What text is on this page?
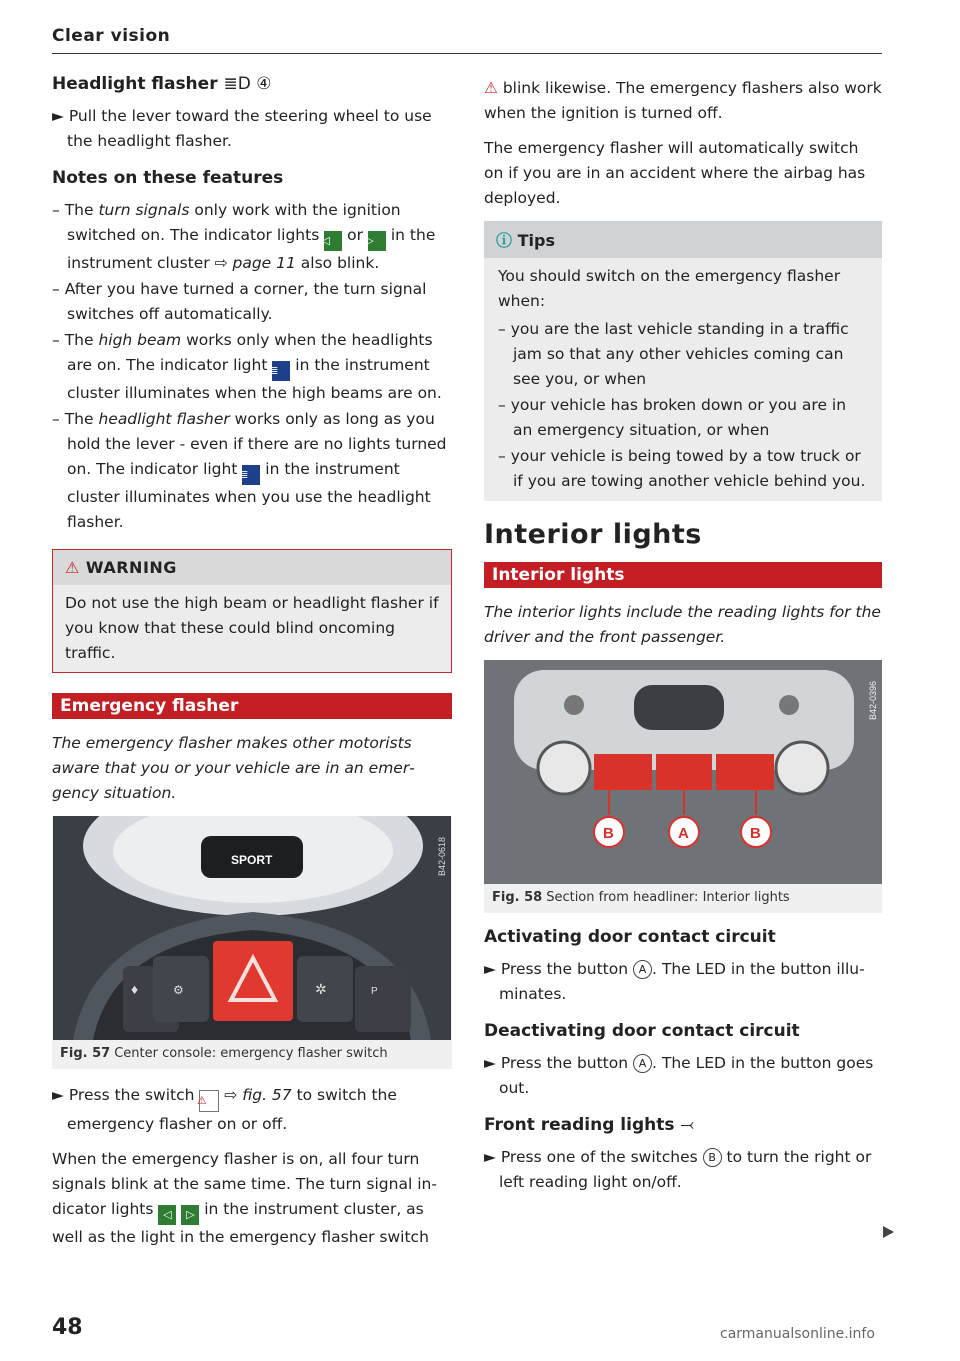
Clear vision
Headlight flasher ≣D ④
► Pull the lever toward the steering wheel to use the headlight flasher.
Notes on these features
– The turn signals only work with the ignition switched on. The indicator lights ◁ or ▷ in the instrument cluster ⇨ page 11 also blink.
– After you have turned a corner, the turn signal switches off automatically.
– The high beam works only when the headlights are on. The indicator light ≣ in the instrument cluster illuminates when the high beams are on.
– The headlight flasher works only as long as you hold the lever - even if there are no lights turned on. The indicator light ≣ in the instrument cluster illuminates when you use the headlight flasher.
⚠ WARNING
Do not use the high beam or headlight flasher if you know that these could blind oncoming traffic.
Emergency flasher

The emergency flasher makes other motorists aware that you or your vehicle are in an emergency situation.

SPORT
⚙	✲	P
♦
B42-0618
Fig. 57 Center console: emergency flasher switch
► Press the switch ⚠ ⇨ fig. 57 to switch the emergency flasher on or off.

When the emergency flasher is on, all four turn signals blink at the same time. The turn signal indicator lights ◁ ▷ in the instrument cluster, as well as the light in the emergency flasher switch

⚠ blink likewise. The emergency flashers also work when the ignition is turned off.

The emergency flasher will automatically switch on if you are in an accident where the airbag has deployed.

ⓘ Tips

You should switch on the emergency flasher when:

– you are the last vehicle standing in a traffic jam so that any other vehicles coming can see you, or when
– your vehicle has broken down or you are in an emergency situation, or when
– your vehicle is being towed by a tow truck or if you are towing another vehicle behind you.
Interior lights
Interior lights

The interior lights include the reading lights for the driver and the front passenger.

B	A	B
B42-0396
Fig. 58 Section from headliner: Interior lights
Activating door contact circuit
► Press the button A . The LED in the button illuminates.
Deactivating door contact circuit
► Press the button A . The LED in the button goes out.
Front reading lights ⤙
► Press one of the switches B to turn the right or left reading light on/off.
48	carmanualsonline.info
